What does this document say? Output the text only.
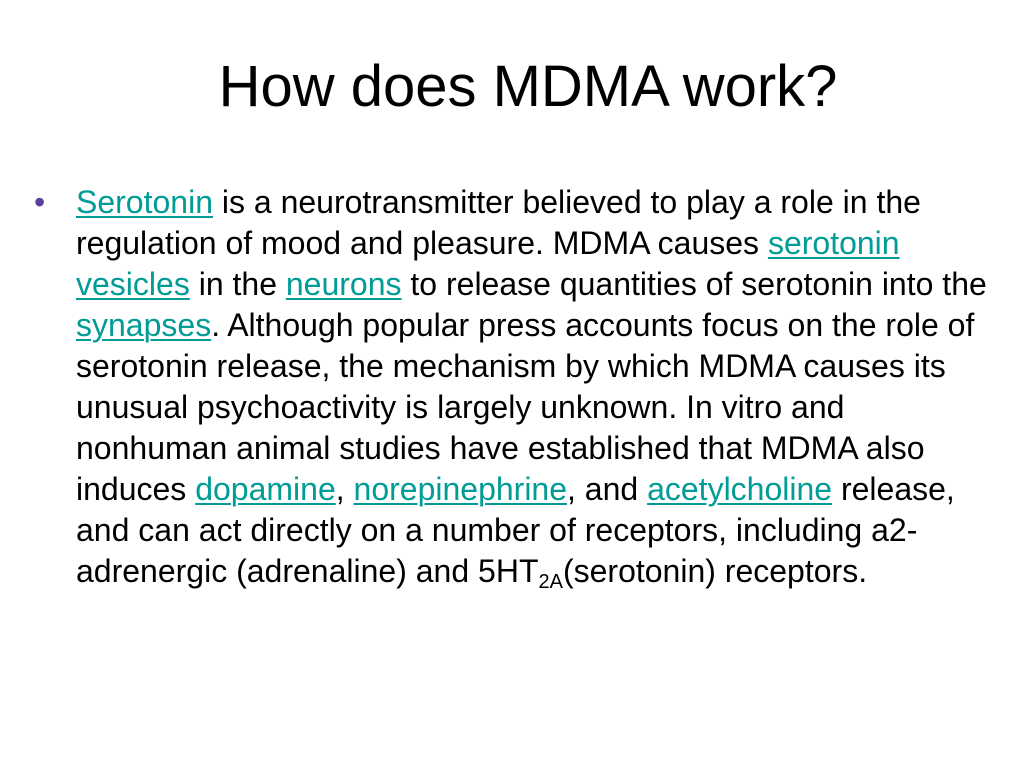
How does MDMA work?
• Serotonin is a neurotransmitter believed to play a role in the regulation of mood and pleasure. MDMA causes serotonin vesicles in the neurons to release quantities of serotonin into the synapses. Although popular press accounts focus on the role of serotonin release, the mechanism by which MDMA causes its unusual psychoactivity is largely unknown. In vitro and nonhuman animal studies have established that MDMA also induces dopamine, norepinephrine, and acetylcholine release, and can act directly on a number of receptors, including a2-adrenergic (adrenaline) and $5HT_{2A}(serotonin)$ receptors.
